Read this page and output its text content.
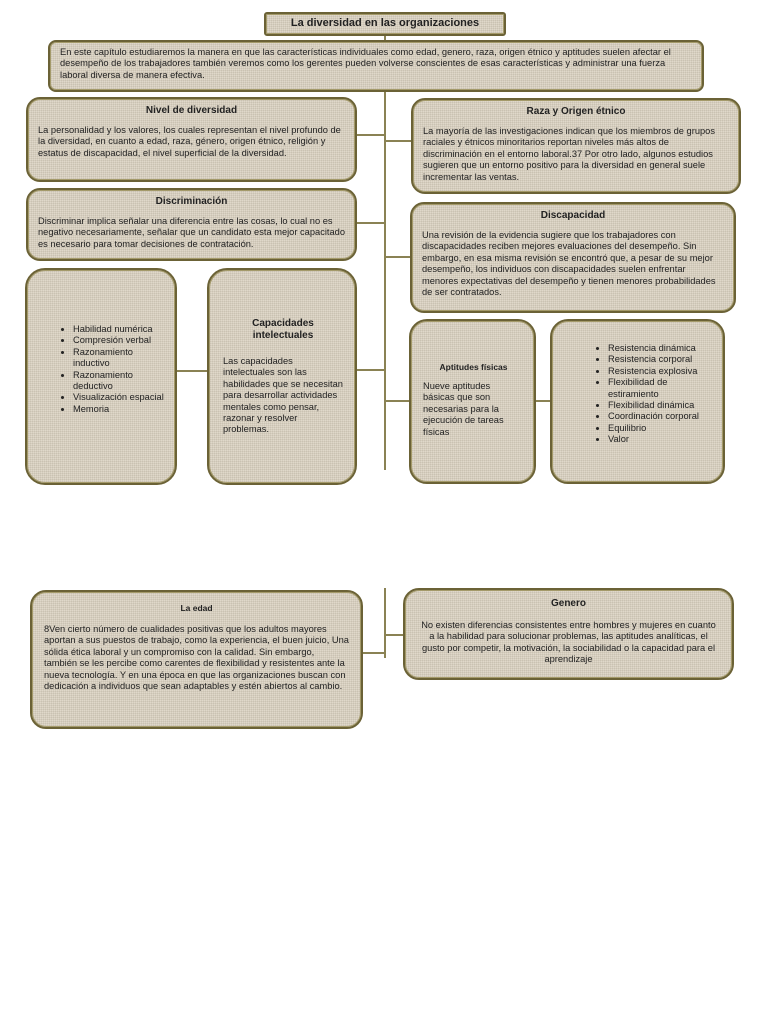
La diversidad en las organizaciones

En este capítulo estudiaremos la manera en que las características individuales como edad, genero, raza, origen étnico y aptitudes suelen afectar el desempeño de los trabajadores también veremos como los gerentes pueden volverse conscientes de esas características y administrar una fuerza laboral diversa de manera efectiva.

Nivel de diversidad

La personalidad y los valores, los cuales representan el nivel profundo de la diversidad, en cuanto a edad, raza, género, origen étnico, religión y estatus de discapacidad, el nivel superficial de la diversidad.

Raza y Origen étnico

La mayoría de las investigaciones indican que los miembros de grupos raciales y étnicos minoritarios reportan niveles más altos de discriminación en el entorno laboral.37 Por otro lado, algunos estudios sugieren que un entorno positivo para la diversidad en general suele incrementar las ventas.

Discriminación

Discriminar implica señalar una diferencia entre las cosas, lo cual no es negativo necesariamente, señalar que un candidato esta mejor capacitado es necesario para tomar decisiones de contratación.

Discapacidad

Una revisión de la evidencia sugiere que los trabajadores con discapacidades reciben mejores evaluaciones del desempeño. Sin embargo, en esa misma revisión se encontró que, a pesar de su mejor desempeño, los individuos con discapacidades suelen enfrentar menores expectativas del desempeño y tienen menores probabilidades de ser contratados.

• Habilidad numérica
• Compresión verbal
• Razonamiento inductivo
• Razonamiento deductivo
• Visualización espacial
• Memoria
Capacidades intelectuales

Las capacidades intelectuales son las habilidades que se necesitan para desarrollar actividades mentales como pensar, razonar y resolver problemas.

Aptitudes físicas

Nueve aptitudes básicas que son necesarias para la ejecución de tareas físicas

• Resistencia dinámica
• Resistencia corporal
• Resistencia explosiva
• Flexibilidad de estiramiento
• Flexibilidad dinámica
• Coordinación corporal
• Equilibrio
• Valor
La edad

8Ven cierto número de cualidades positivas que los adultos mayores aportan a sus puestos de trabajo, como la experiencia, el buen juicio, Una sólida ética laboral y un compromiso con la calidad. Sin embargo, también se les percibe como carentes de flexibilidad y resistentes ante la nueva tecnología. Y en una época en que las organizaciones buscan con dedicación a individuos que sean adaptables y estén abiertos al cambio.

Genero

No existen diferencias consistentes entre hombres y mujeres en cuanto a la habilidad para solucionar problemas, las aptitudes analíticas, el gusto por competir, la motivación, la sociabilidad o la capacidad para el aprendizaje
